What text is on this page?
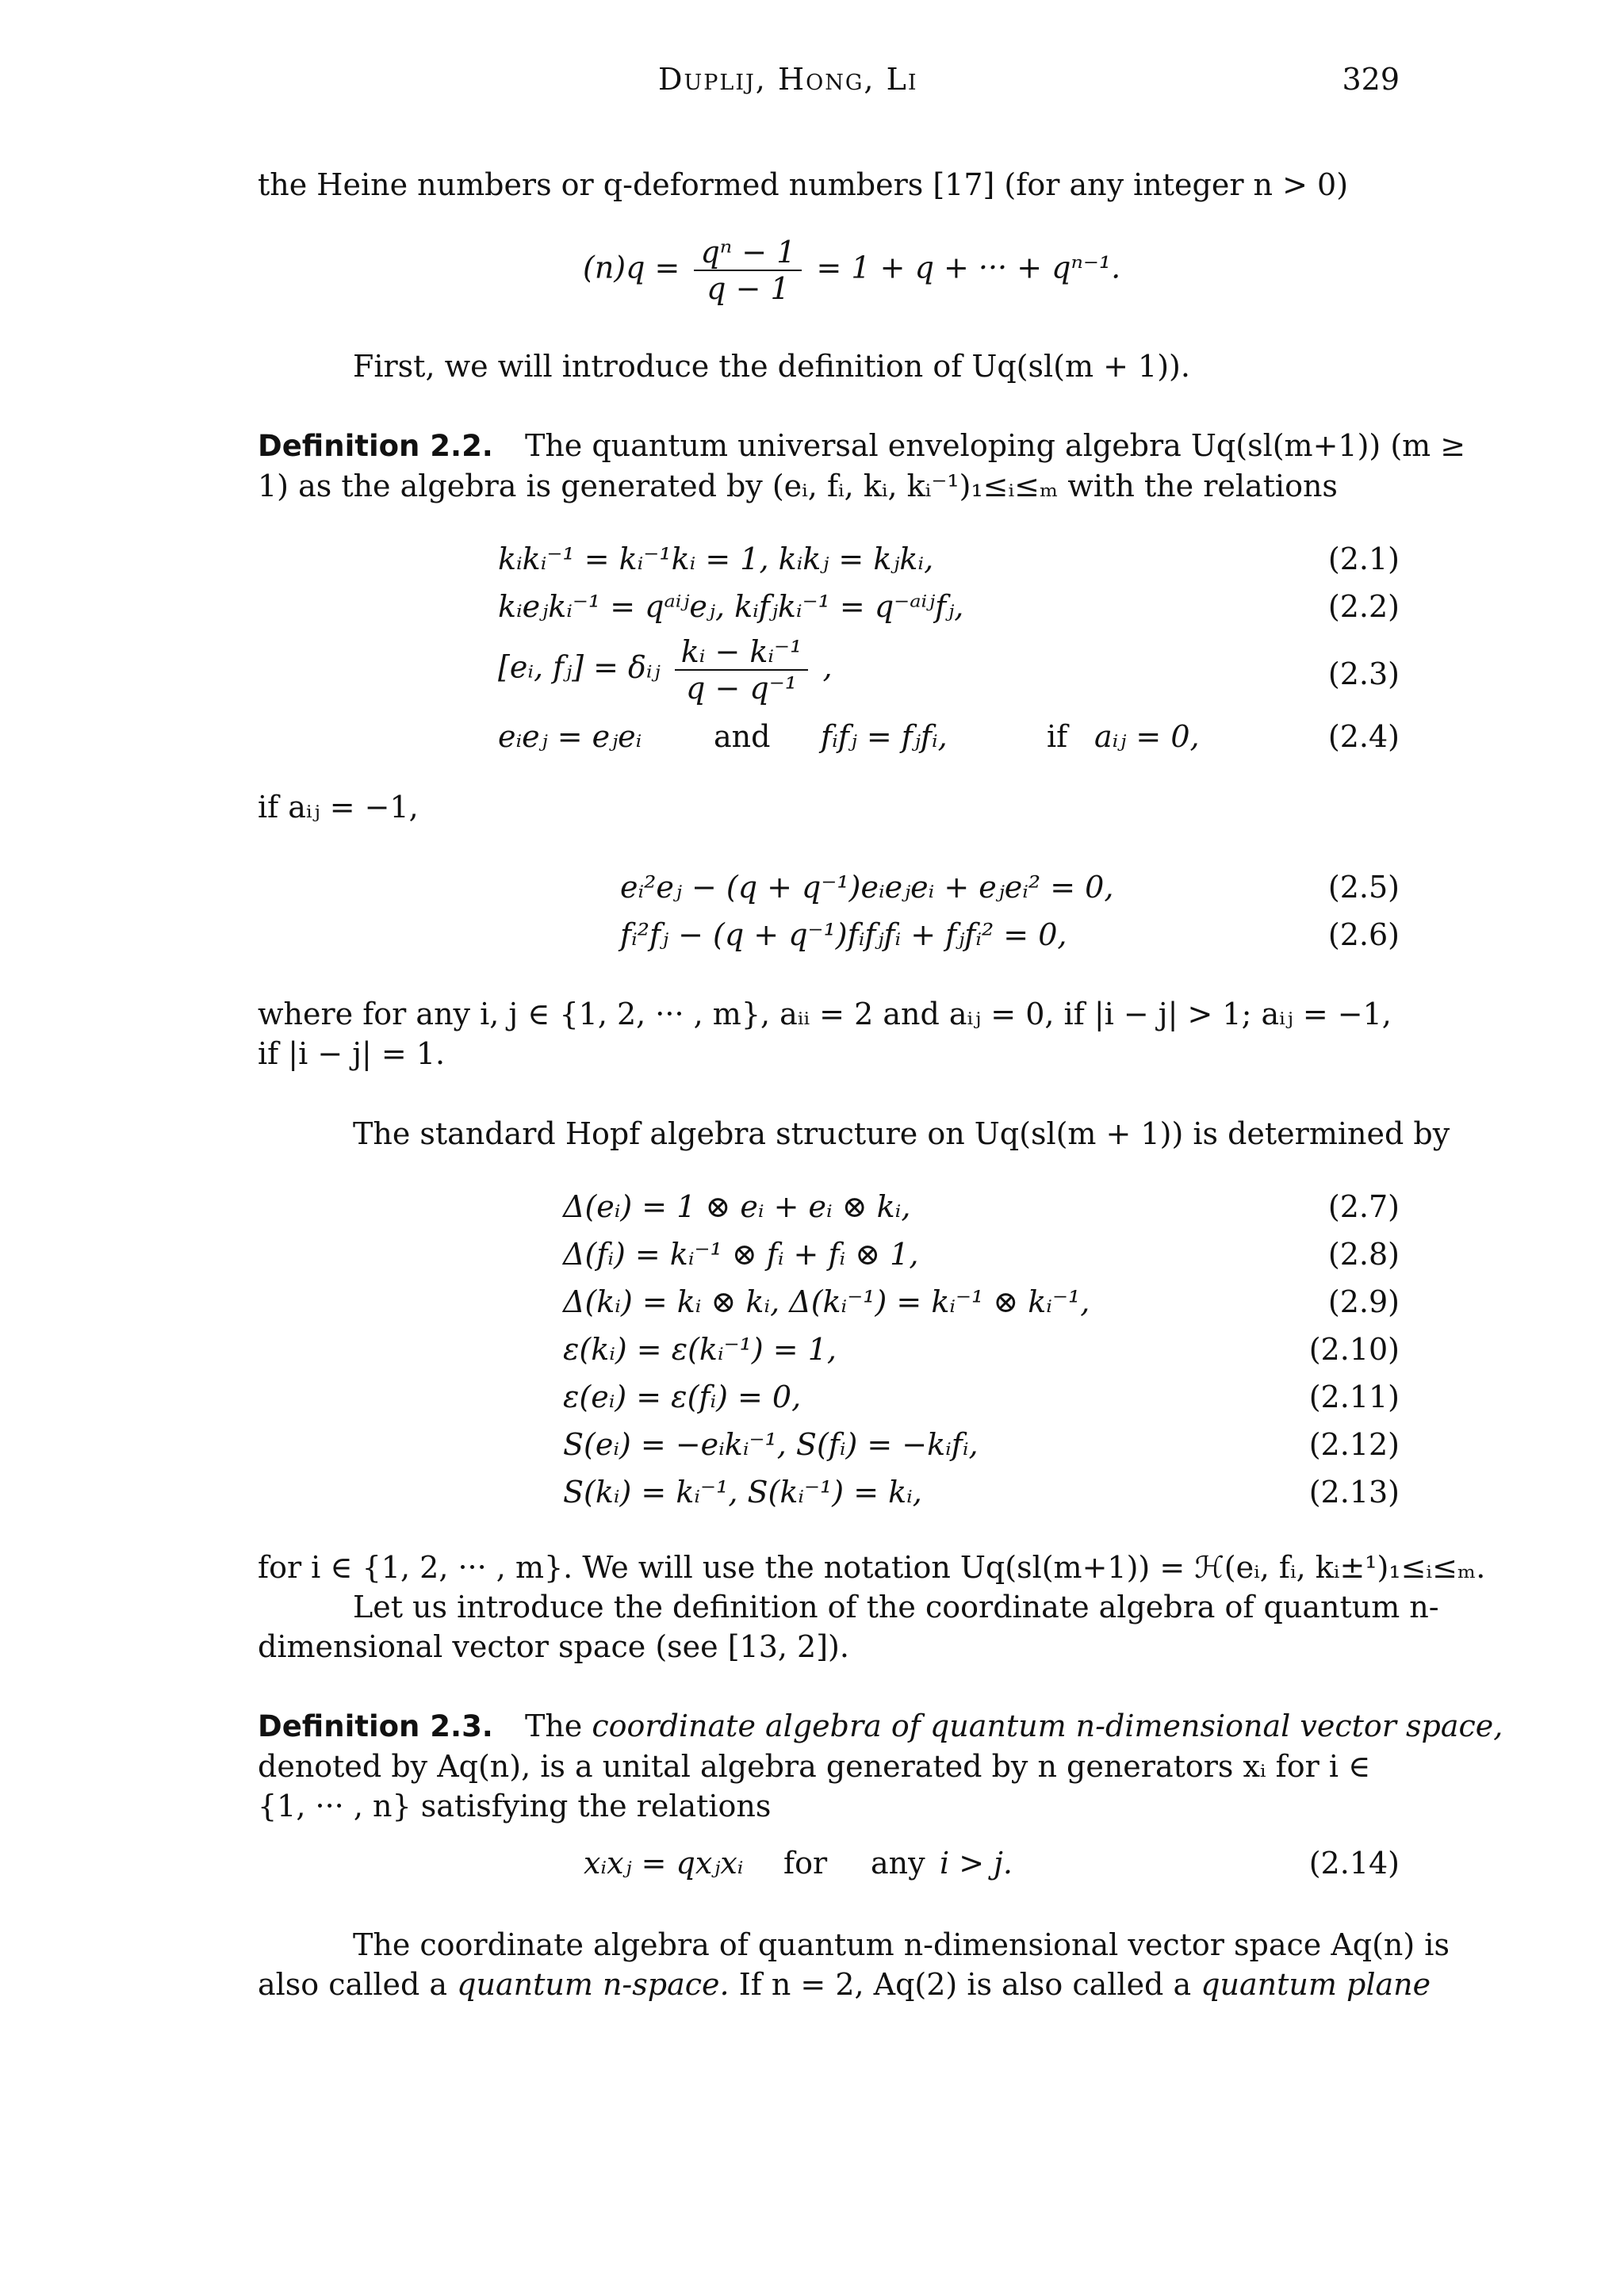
Duplij, Hong, Li	329
the Heine numbers or q-deformed numbers [17] (for any integer n > 0)
$(n)q = \frac{\text{qⁿ − 1}}{q - 1} = 1 + q$ + ··· + qⁿ⁻¹.
First, we will introduce the definition of Uq(sl(m + 1)).
Definition 2.2. The quantum universal enveloping algebra Uq(sl(m+1)) (m ≥
1) as the algebra is generated by (eᵢ, fᵢ, kᵢ, kᵢ⁻¹)₁≤ᵢ≤ₘ with the relations
kᵢkᵢ⁻¹ = kᵢ⁻¹kᵢ = 1, kᵢkⱼ = kⱼkᵢ,	(2.1)
kᵢeⱼkᵢ⁻¹ = qᵃⁱʲeⱼ, kᵢfⱼkᵢ⁻¹ = q⁻ᵃⁱʲfⱼ,	(2.2)
[eᵢ, fⱼ] = δᵢⱼ $\frac{\text{kᵢ − kᵢ⁻¹}}{\text{q − q⁻¹}}$ ,	(2.3)
eᵢeⱼ = eⱼeᵢ and fᵢfⱼ = fⱼfᵢ,	if aᵢⱼ = 0,	(2.4)
if aᵢⱼ = −1,
eᵢ²eⱼ − (q + q⁻¹)eᵢeⱼeᵢ + eⱼeᵢ² = 0,	(2.5)
fᵢ²fⱼ − (q + q⁻¹)fᵢfⱼfᵢ + fⱼfᵢ² = 0,	(2.6)
where for any i, j ∈ {1, 2, ··· , m}, aᵢᵢ = 2 and aᵢⱼ = 0, if |i − j| > 1; aᵢⱼ = −1,
if |i − j| = 1.
The standard Hopf algebra structure on Uq(sl(m + 1)) is determined by
Δ(eᵢ) = 1 ⊗ eᵢ + eᵢ ⊗ kᵢ,	(2.7)
Δ(fᵢ) = kᵢ⁻¹ ⊗ fᵢ + fᵢ ⊗ 1,	(2.8)
Δ(kᵢ) = kᵢ ⊗ kᵢ, Δ(kᵢ⁻¹) = kᵢ⁻¹ ⊗ kᵢ⁻¹,	(2.9)
ε(kᵢ) = ε(kᵢ⁻¹) = 1,	(2.10)
ε(eᵢ) = ε(fᵢ) = 0,	(2.11)
S(eᵢ) = −eᵢkᵢ⁻¹, S(fᵢ) = −kᵢfᵢ,	(2.12)
S(kᵢ) = kᵢ⁻¹, S(kᵢ⁻¹) = kᵢ,	(2.13)
for i ∈ {1, 2, ··· , m}. We will use the notation Uq(sl(m+1)) = ℋ(eᵢ, fᵢ, kᵢ±¹)₁≤ᵢ≤ₘ.
Let us introduce the definition of the coordinate algebra of quantum n-
dimensional vector space (see [13, 2]).
Definition 2.3. The coordinate algebra of quantum n-dimensional vector space,
denoted by Aq(n), is a unital algebra generated by n generators xᵢ for i ∈
{1, ··· , n} satisfying the relations
xᵢxⱼ = qxⱼxᵢ for any i > j.	(2.14)
The coordinate algebra of quantum n-dimensional vector space Aq(n) is
also called a quantum n-space. If n = 2, Aq(2) is also called a quantum plane
